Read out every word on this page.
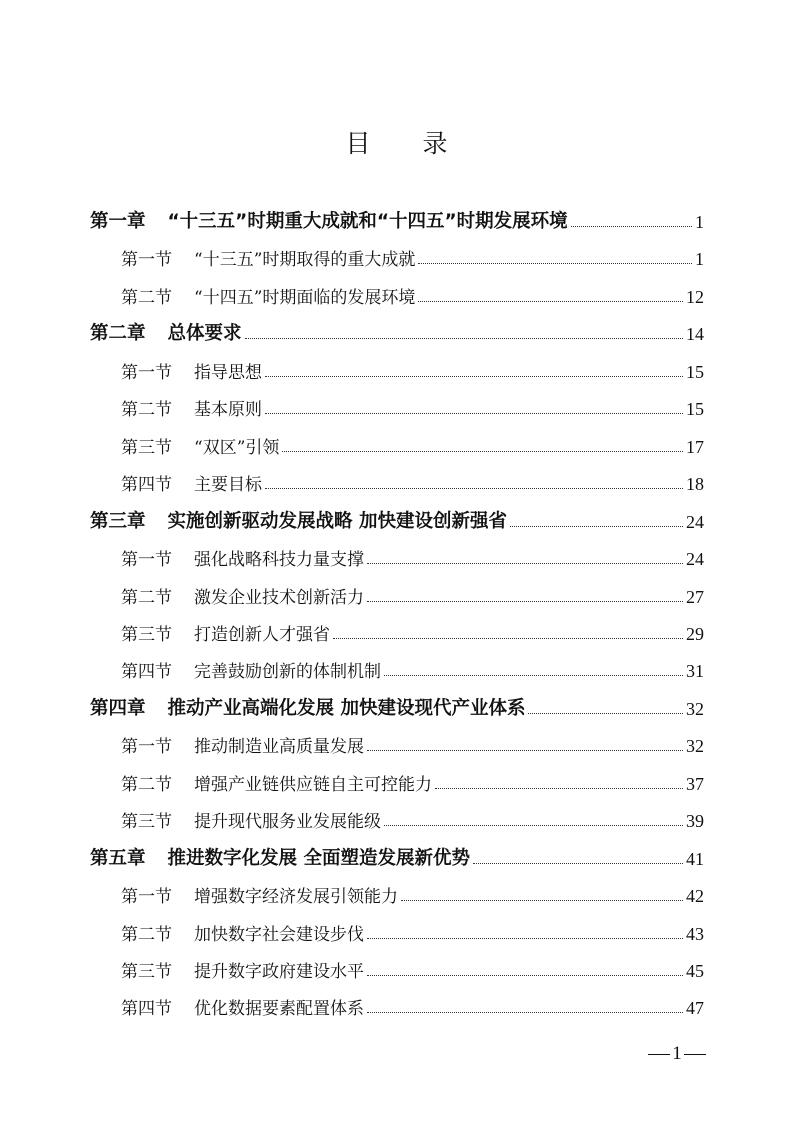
目 录
第一章 “十三五”时期重大成就和“十四五”时期发展环境	1
第一节 “十三五”时期取得的重大成就	1
第二节 “十四五”时期面临的发展环境	12
第二章 总体要求	14
第一节 指导思想	15
第二节 基本原则	15
第三节 “双区”引领	17
第四节 主要目标	18
第三章 实施创新驱动发展战略 加快建设创新强省	24
第一节 强化战略科技力量支撑	24
第二节 激发企业技术创新活力	27
第三节 打造创新人才强省	29
第四节 完善鼓励创新的体制机制	31
第四章 推动产业高端化发展 加快建设现代产业体系	32
第一节 推动制造业高质量发展	32
第二节 增强产业链供应链自主可控能力	37
第三节 提升现代服务业发展能级	39
第五章 推进数字化发展 全面塑造发展新优势	41
第一节 增强数字经济发展引领能力	42
第二节 加快数字社会建设步伐	43
第三节 提升数字政府建设水平	45
第四节 优化数据要素配置体系	47
1
